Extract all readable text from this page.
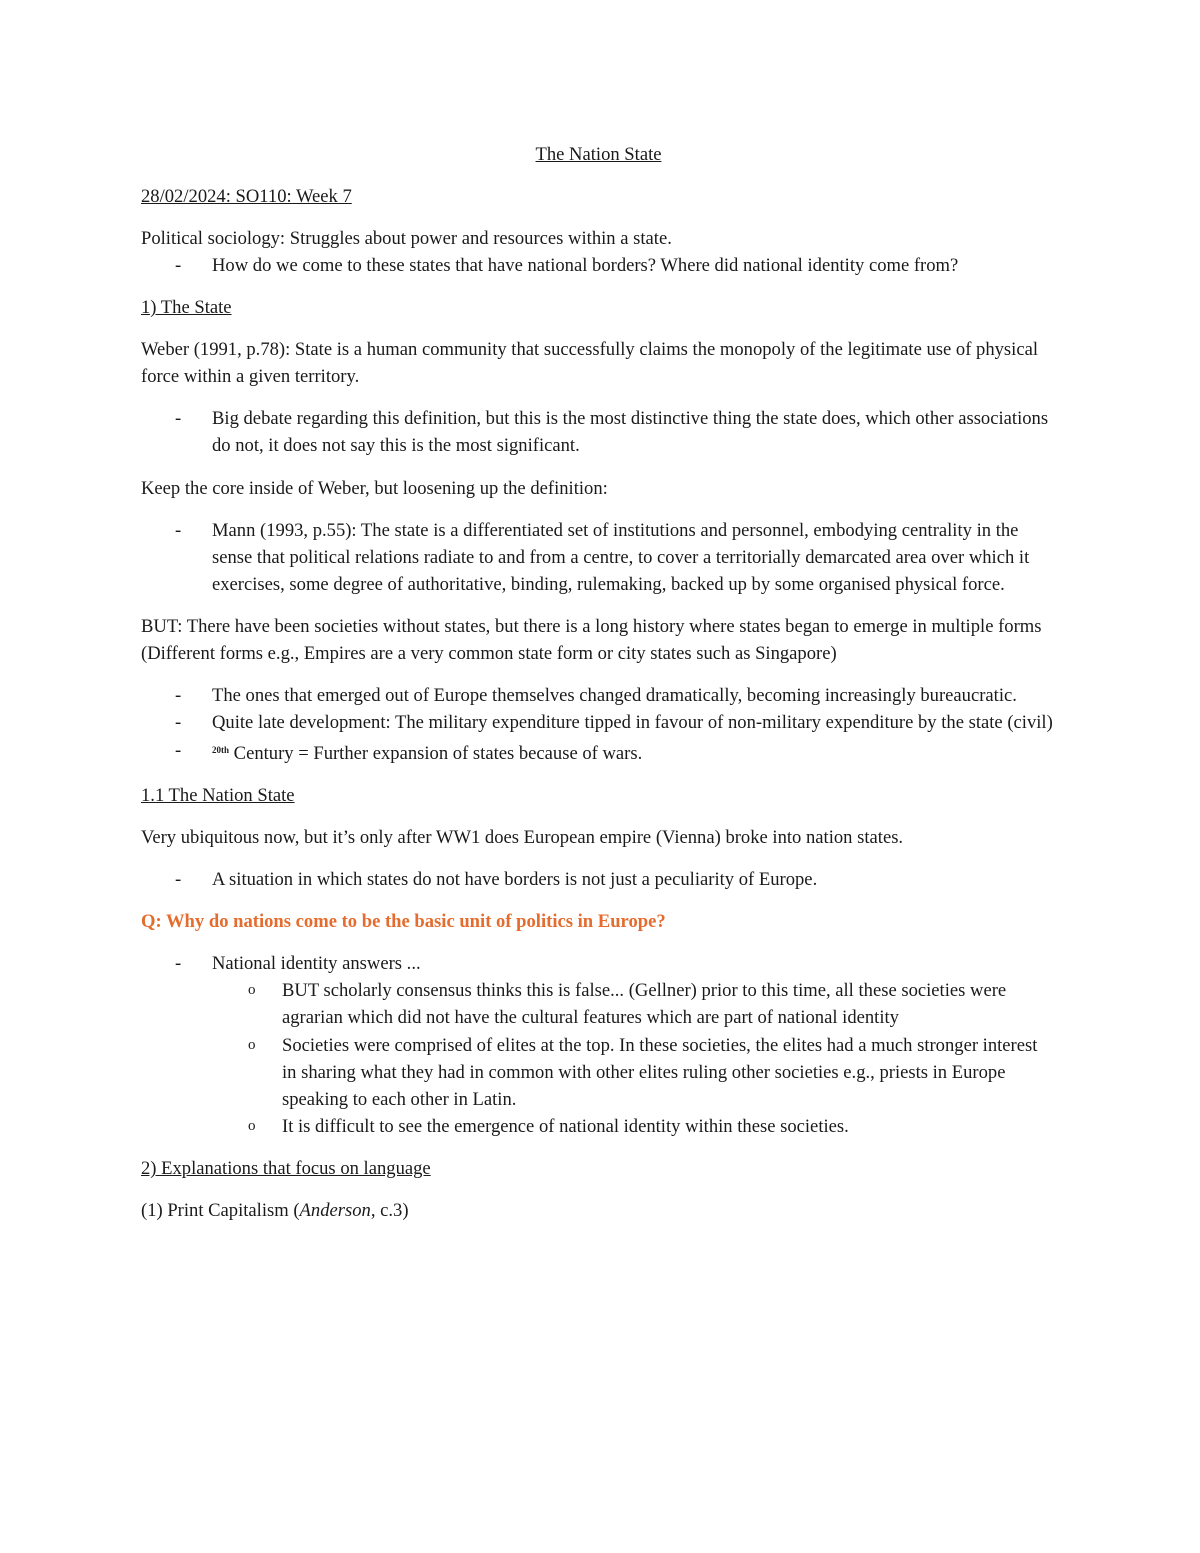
The Nation State
28/02/2024: SO110: Week 7
Political sociology: Struggles about power and resources within a state.
- How do we come to these states that have national borders? Where did national identity come from?
1) The State
Weber (1991, p.78): State is a human community that successfully claims the monopoly of the legitimate use of physical force within a given territory.
- Big debate regarding this definition, but this is the most distinctive thing the state does, which other associations do not, it does not say this is the most significant.
Keep the core inside of Weber, but loosening up the definition:
- Mann (1993, p.55): The state is a differentiated set of institutions and personnel, embodying centrality in the sense that political relations radiate to and from a centre, to cover a territorially demarcated area over which it exercises, some degree of authoritative, binding, rulemaking, backed up by some organised physical force.
BUT: There have been societies without states, but there is a long history where states began to emerge in multiple forms (Different forms e.g., Empires are a very common state form or city states such as Singapore)
- The ones that emerged out of Europe themselves changed dramatically, becoming increasingly bureaucratic.
- Quite late development: The military expenditure tipped in favour of non-military expenditure by the state (civil)
-	$^{20th}$ Century = Further expansion of states because of wars.
1.1 The Nation State
Very ubiquitous now, but it’s only after WW1 does European empire (Vienna) broke into nation states.
- A situation in which states do not have borders is not just a peculiarity of Europe.
Q: Why do nations come to be the basic unit of politics in Europe?
- National identity answers ...
o BUT scholarly consensus thinks this is false... (Gellner) prior to this time, all these societies were agrarian which did not have the cultural features which are part of national identity
o Societies were comprised of elites at the top. In these societies, the elites had a much stronger interest in sharing what they had in common with other elites ruling other societies e.g., priests in Europe speaking to each other in Latin.
o It is difficult to see the emergence of national identity within these societies.
2) Explanations that focus on language
(1) Print Capitalism (Anderson, c.3)
